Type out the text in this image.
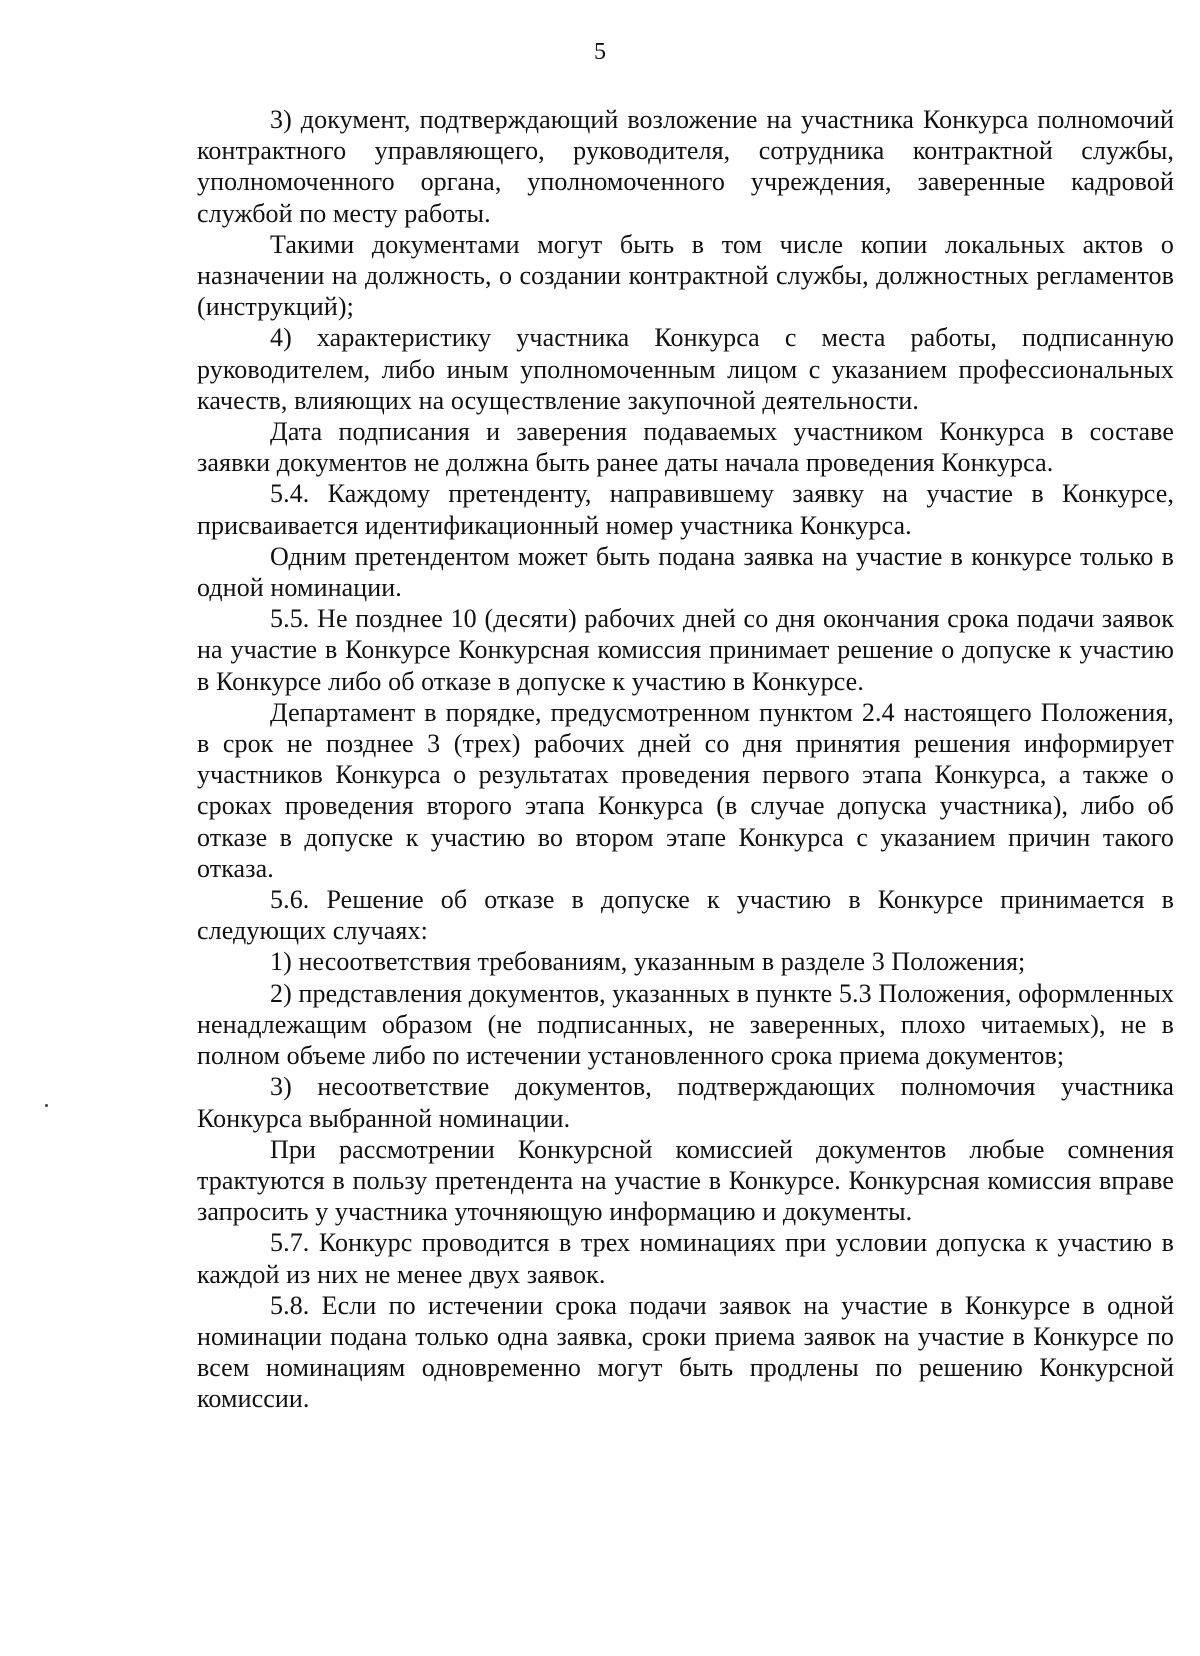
5

3) документ, подтверждающий возложение на участника Конкурса полномочий контрактного управляющего, руководителя, сотрудника контрактной службы, уполномоченного органа, уполномоченного учреждения, заверенные кадровой службой по месту работы.

Такими документами могут быть в том числе копии локальных актов о назначении на должность, о создании контрактной службы, должностных регламентов (инструкций);

4) характеристику участника Конкурса с места работы, подписанную руководителем, либо иным уполномоченным лицом с указанием профессиональных качеств, влияющих на осуществление закупочной деятельности.

Дата подписания и заверения подаваемых участником Конкурса в составе заявки документов не должна быть ранее даты начала проведения Конкурса.

5.4. Каждому претенденту, направившему заявку на участие в Конкурсе, присваивается идентификационный номер участника Конкурса.

Одним претендентом может быть подана заявка на участие в конкурсе только в одной номинации.

5.5. Не позднее 10 (десяти) рабочих дней со дня окончания срока подачи заявок на участие в Конкурсе Конкурсная комиссия принимает решение о допуске к участию в Конкурсе либо об отказе в допуске к участию в Конкурсе.

Департамент в порядке, предусмотренном пунктом 2.4 настоящего Положения, в срок не позднее 3 (трех) рабочих дней со дня принятия решения информирует участников Конкурса о результатах проведения первого этапа Конкурса, а также о сроках проведения второго этапа Конкурса (в случае допуска участника), либо об отказе в допуске к участию во втором этапе Конкурса с указанием причин такого отказа.

5.6. Решение об отказе в допуске к участию в Конкурсе принимается в следующих случаях:

1) несоответствия требованиям, указанным в разделе 3 Положения;

2) представления документов, указанных в пункте 5.3 Положения, оформленных ненадлежащим образом (не подписанных, не заверенных, плохо читаемых), не в полном объеме либо по истечении установленного срока приема документов;

3) несоответствие документов, подтверждающих полномочия участника Конкурса выбранной номинации.

При рассмотрении Конкурсной комиссией документов любые сомнения трактуются в пользу претендента на участие в Конкурсе. Конкурсная комиссия вправе запросить у участника уточняющую информацию и документы.

5.7. Конкурс проводится в трех номинациях при условии допуска к участию в каждой из них не менее двух заявок.

5.8. Если по истечении срока подачи заявок на участие в Конкурсе в одной номинации подана только одна заявка, сроки приема заявок на участие в Конкурсе по всем номинациям одновременно могут быть продлены по решению Конкурсной комиссии.
